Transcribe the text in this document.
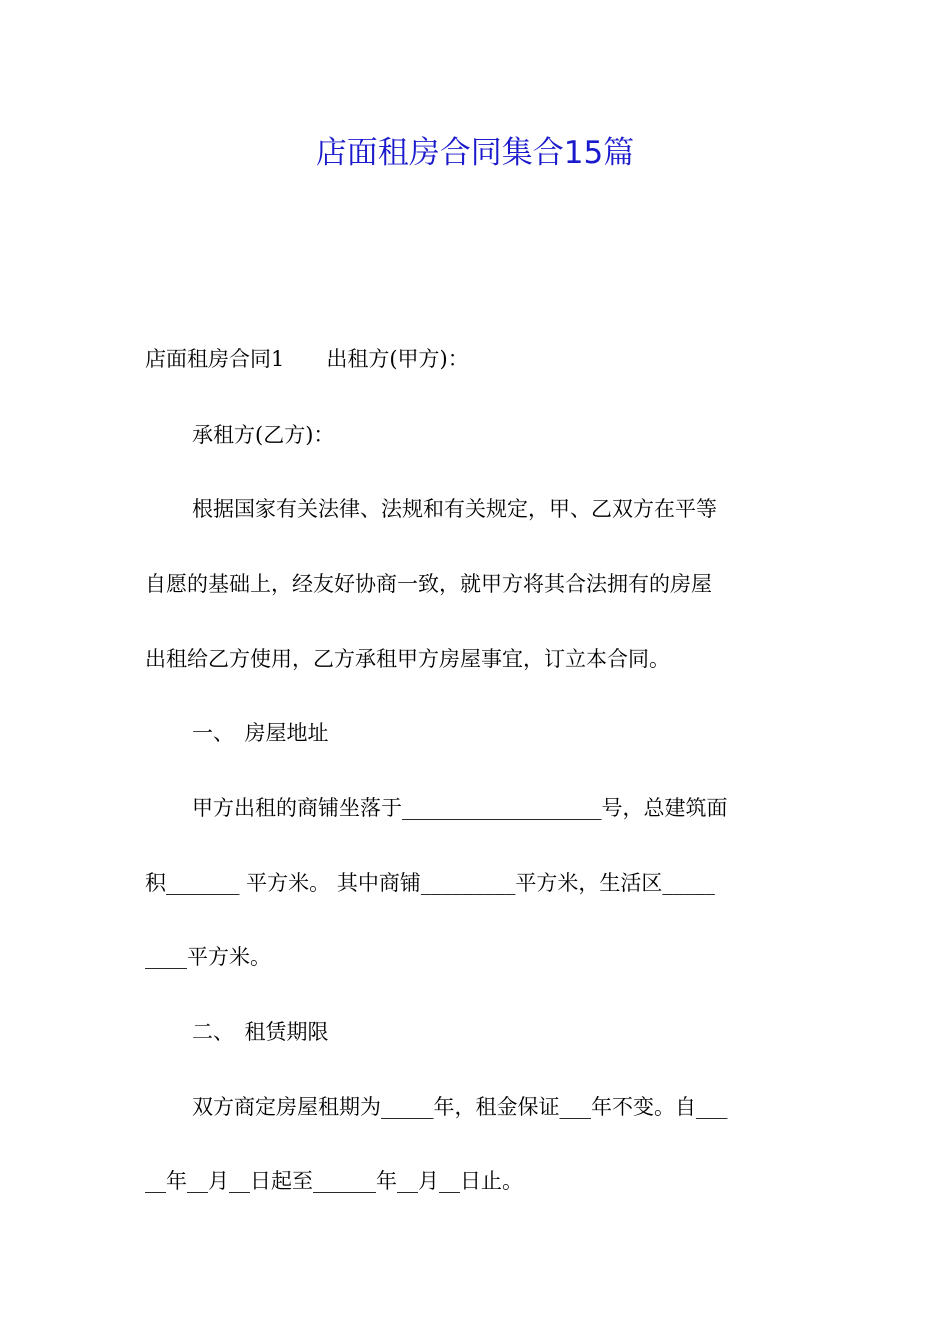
店面租房合同集合15篇
店面租房合同1　　出租方(甲方)：
承租方(乙方)：
根据国家有关法律、法规和有关规定，甲、乙双方在平等
自愿的基础上，经友好协商一致，就甲方将其合法拥有的房屋
出租给乙方使用，乙方承租甲方房屋事宜，订立本合同。
一、　房屋地址
甲方出租的商铺坐落于___________________号，总建筑面
积_______ 平方米。 其中商铺_________平方米，生活区_____
____平方米。
二、　租赁期限
双方商定房屋租期为_____年，租金保证___年不变。自___
__年__月__日起至______年__月__日止。
